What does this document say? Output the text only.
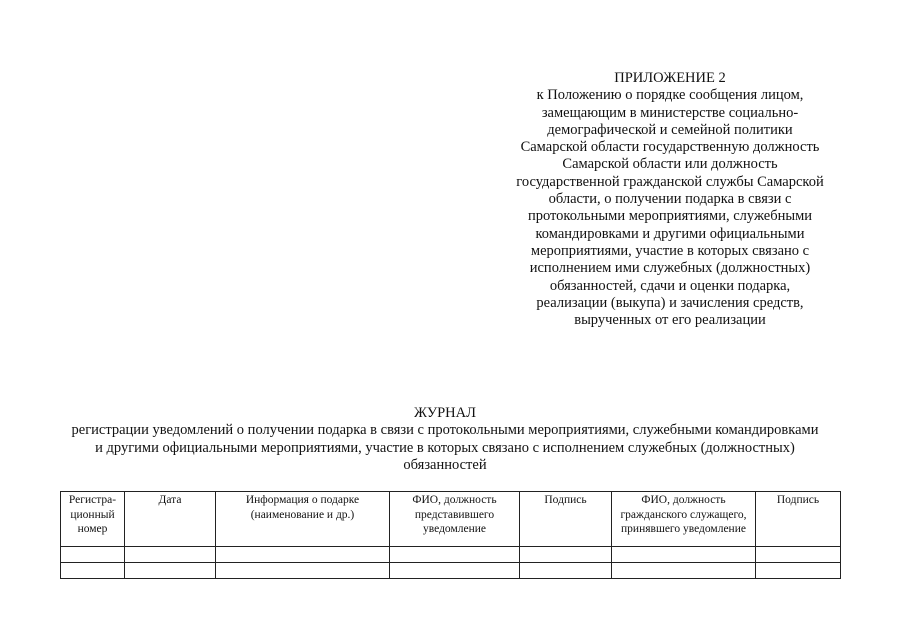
ПРИЛОЖЕНИЕ 2
к Положению о порядке сообщения лицом,
замещающим в министерстве социально-
демографической и семейной политики
Самарской области государственную должность
Самарской области или должность
государственной гражданской службы Самарской
области, о получении подарка в связи с
протокольными мероприятиями, служебными
командировками и другими официальными
мероприятиями, участие в которых связано с
исполнением ими служебных (должностных)
обязанностей, сдачи и оценки подарка,
реализации (выкупа) и зачисления средств,
вырученных от его реализации
ЖУРНАЛ
регистрации уведомлений о получении подарка в связи с протокольными мероприятиями, служебными командировками
и другими официальными мероприятиями, участие в которых связано с исполнением служебных (должностных)
обязанностей
Регистра-
ционный
номер	Дата	Информация о подарке
(наименование и др.)	ФИО, должность
представившего
уведомление	Подпись	ФИО, должность
гражданского служащего,
принявшего уведомление	Подпись
